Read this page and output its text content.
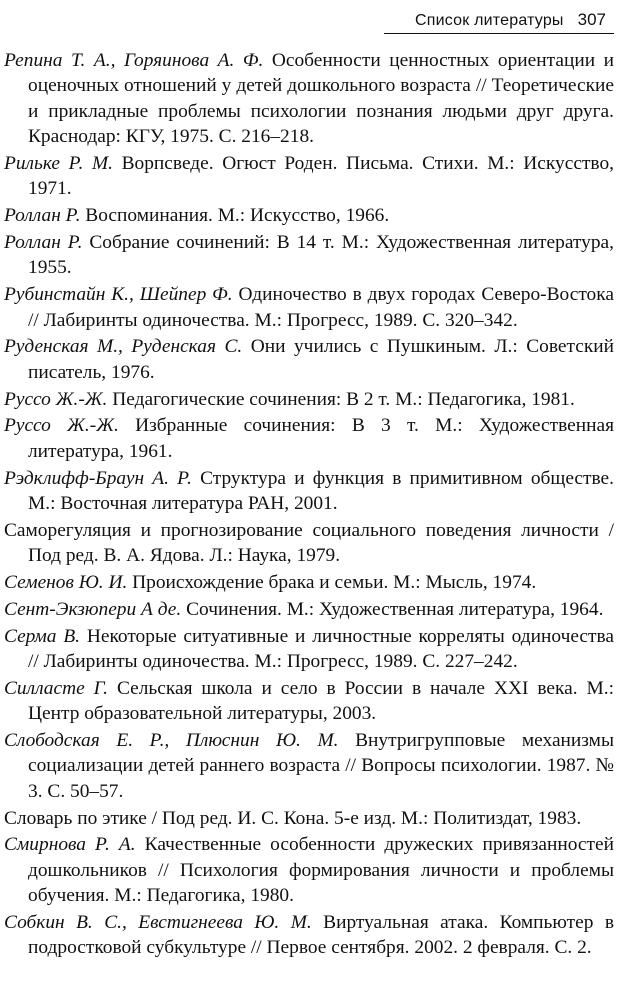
Список литературы 307

Репина Т. А., Горяинова А. Ф. Особенности ценностных ориентации и оценочных отношений у детей дошкольного возраста // Теоретические и прикладные проблемы психологии познания людьми друг друга. Краснодар: КГУ, 1975. С. 216–218.

Рильке Р. М. Ворпсведе. Огюст Роден. Письма. Стихи. М.: Искусство, 1971.

Роллан Р. Воспоминания. М.: Искусство, 1966.

Роллан Р. Собрание сочинений: В 14 т. М.: Художественная литература, 1955.

Рубинстайн К., Шейпер Ф. Одиночество в двух городах Северо-Востока // Лабиринты одиночества. М.: Прогресс, 1989. С. 320–342.

Руденская М., Руденская С. Они учились с Пушкиным. Л.: Советский писатель, 1976.

Руссо Ж.-Ж. Педагогические сочинения: В 2 т. М.: Педагогика, 1981.

Руссо Ж.-Ж. Избранные сочинения: В 3 т. М.: Художественная литература, 1961.

Рэдклифф-Браун А. Р. Структура и функция в примитивном обществе. М.: Восточная литература РАН, 2001.

Саморегуляция и прогнозирование социального поведения личности / Под ред. В. А. Ядова. Л.: Наука, 1979.

Семенов Ю. И. Происхождение брака и семьи. М.: Мысль, 1974.

Сент-Экзюпери А де. Сочинения. М.: Художественная литература, 1964.

Серма В. Некоторые ситуативные и личностные корреляты одиночества // Лабиринты одиночества. М.: Прогресс, 1989. С. 227–242.

Силласте Г. Сельская школа и село в России в начале XXI века. М.: Центр образовательной литературы, 2003.

Слободская Е. Р., Плюснин Ю. М. Внутригрупповые механизмы социализации детей раннего возраста // Вопросы психологии. 1987. № 3. С. 50–57.

Словарь по этике / Под ред. И. С. Кона. 5-е изд. М.: Политиздат, 1983.

Смирнова Р. А. Качественные особенности дружеских привязанностей дошкольников // Психология формирования личности и проблемы обучения. М.: Педагогика, 1980.

Собкин В. С., Евстигнеева Ю. М. Виртуальная атака. Компьютер в подростковой субкультуре // Первое сентября. 2002. 2 февраля. С. 2.
